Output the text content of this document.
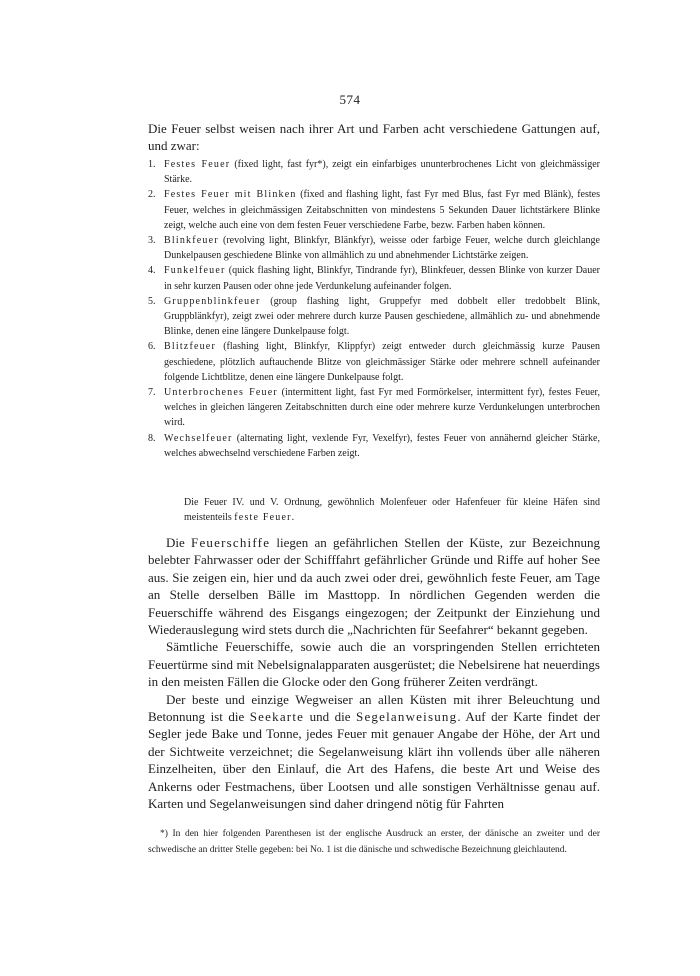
574

Die Feuer selbst weisen nach ihrer Art und Farben acht verschiedene Gattungen auf, und zwar:

1. Festes Feuer (fixed light, fast fyr*), zeigt ein einfarbiges ununterbrochenes Licht von gleichmässiger Stärke.
2. Festes Feuer mit Blinken (fixed and flashing light, fast Fyr med Blus, fast Fyr med Blänk), festes Feuer, welches in gleichmässigen Zeitabschnitten von mindestens 5 Sekunden Dauer lichtstärkere Blinke zeigt, welche auch eine von dem festen Feuer verschiedene Farbe, bezw. Farben haben können.
3. Blinkfeuer (revolving light, Blinkfyr, Blänkfyr), weisse oder farbige Feuer, welche durch gleichlange Dunkelpausen geschiedene Blinke von allmählich zu und abnehmender Lichtstärke zeigen.
4. Funkelfeuer (quick flashing light, Blinkfyr, Tindrande fyr), Blinkfeuer, dessen Blinke von kurzer Dauer in sehr kurzen Pausen oder ohne jede Verdunkelung aufeinander folgen.
5. Gruppenblinkfeuer (group flashing light, Gruppefyr med dobbelt eller tredobbelt Blink, Gruppblänkfyr), zeigt zwei oder mehrere durch kurze Pausen geschiedene, allmählich zu- und abnehmende Blinke, denen eine längere Dunkelpause folgt.
6. Blitzfeuer (flashing light, Blinkfyr, Klippfyr) zeigt entweder durch gleichmässig kurze Pausen geschiedene, plötzlich auftauchende Blitze von gleichmässiger Stärke oder mehrere schnell aufeinander folgende Lichtblitze, denen eine längere Dunkelpause folgt.
7. Unterbrochenes Feuer (intermittent light, fast Fyr med Formörkelser, intermittent fyr), festes Feuer, welches in gleichen längeren Zeitabschnitten durch eine oder mehrere kurze Verdunkelungen unterbrochen wird.
8. Wechselfeuer (alternating light, vexlende Fyr, Vexelfyr), festes Feuer von annähernd gleicher Stärke, welches abwechselnd verschiedene Farben zeigt.
Die Feuer IV. und V. Ordnung, gewöhnlich Molenfeuer oder Hafenfeuer für kleine Häfen sind meistenteils feste Feuer.

Die Feuerschiffe liegen an gefährlichen Stellen der Küste, zur Bezeichnung belebter Fahrwasser oder der Schifffahrt gefährlicher Gründe und Riffe auf hoher See aus. Sie zeigen ein, hier und da auch zwei oder drei, gewöhnlich feste Feuer, am Tage an Stelle derselben Bälle im Masttopp. In nördlichen Gegenden werden die Feuerschiffe während des Eisgangs eingezogen; der Zeitpunkt der Einziehung und Wiederauslegung wird stets durch die „Nachrichten für Seefahrer“ bekannt gegeben.

Sämtliche Feuerschiffe, sowie auch die an vorspringenden Stellen errichteten Feuertürme sind mit Nebelsignalapparaten ausgerüstet; die Nebelsirene hat neuerdings in den meisten Fällen die Glocke oder den Gong früherer Zeiten verdrängt.

Der beste und einzige Wegweiser an allen Küsten mit ihrer Beleuchtung und Betonnung ist die Seekarte und die Segelanweisung. Auf der Karte findet der Segler jede Bake und Tonne, jedes Feuer mit genauer Angabe der Höhe, der Art und der Sichtweite verzeichnet; die Segelanweisung klärt ihn vollends über alle näheren Einzelheiten, über den Einlauf, die Art des Hafens, die beste Art und Weise des Ankerns oder Festmachens, über Lootsen und alle sonstigen Verhältnisse genau auf. Karten und Segelanweisungen sind daher dringend nötig für Fahrten

*) In den hier folgenden Parenthesen ist der englische Ausdruck an erster, der dänische an zweiter und der schwedische an dritter Stelle gegeben: bei No. 1 ist die dänische und schwedische Bezeichnung gleichlautend.
